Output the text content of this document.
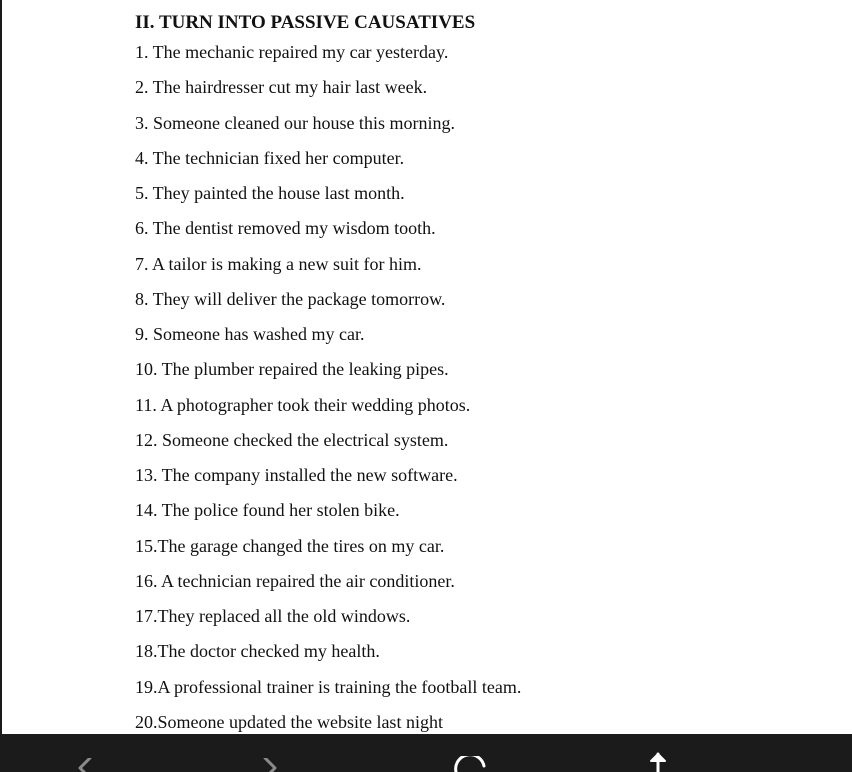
II. TURN INTO PASSIVE CAUSATIVES
1. The mechanic repaired my car yesterday.
2. The hairdresser cut my hair last week.
3. Someone cleaned our house this morning.
4. The technician fixed her computer.
5. They painted the house last month.
6. The dentist removed my wisdom tooth.
7. A tailor is making a new suit for him.
8. They will deliver the package tomorrow.
9. Someone has washed my car.
10. The plumber repaired the leaking pipes.
11. A photographer took their wedding photos.
12. Someone checked the electrical system.
13. The company installed the new software.
14. The police found her stolen bike.
15.The garage changed the tires on my car.
16. A technician repaired the air conditioner.
17.They replaced all the old windows.
18.The doctor checked my health.
19.A professional trainer is training the football team.
20.Someone updated the website last night
